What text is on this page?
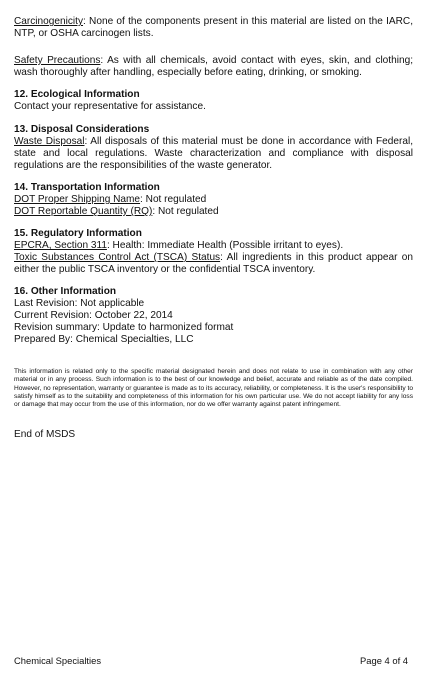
Carcinogenicity: None of the components present in this material are listed on the IARC, NTP, or OSHA carcinogen lists.
Safety Precautions: As with all chemicals, avoid contact with eyes, skin, and clothing; wash thoroughly after handling, especially before eating, drinking, or smoking.
12. Ecological Information
Contact your representative for assistance.
13. Disposal Considerations
Waste Disposal: All disposals of this material must be done in accordance with Federal, state and local regulations. Waste characterization and compliance with disposal regulations are the responsibilities of the waste generator.
14. Transportation Information
DOT Proper Shipping Name: Not regulated
DOT Reportable Quantity (RQ): Not regulated
15. Regulatory Information
EPCRA, Section 311: Health: Immediate Health (Possible irritant to eyes).
Toxic Substances Control Act (TSCA) Status: All ingredients in this product appear on either the public TSCA inventory or the confidential TSCA inventory.
16. Other Information
Last Revision: Not applicable
Current Revision: October 22, 2014
Revision summary: Update to harmonized format
Prepared By: Chemical Specialties, LLC
This information is related only to the specific material designated herein and does not relate to use in combination with any other material or in any process. Such information is to the best of our knowledge and belief, accurate and reliable as of the date compiled. However, no representation, warranty or guarantee is made as to its accuracy, reliability, or completeness. It is the user's responsibility to satisfy himself as to the suitability and completeness of this information for his own particular use. We do not accept liability for any loss or damage that may occur from the use of this information, nor do we offer warranty against patent infringement.
End of MSDS
Chemical Specialties	Page 4 of 4
